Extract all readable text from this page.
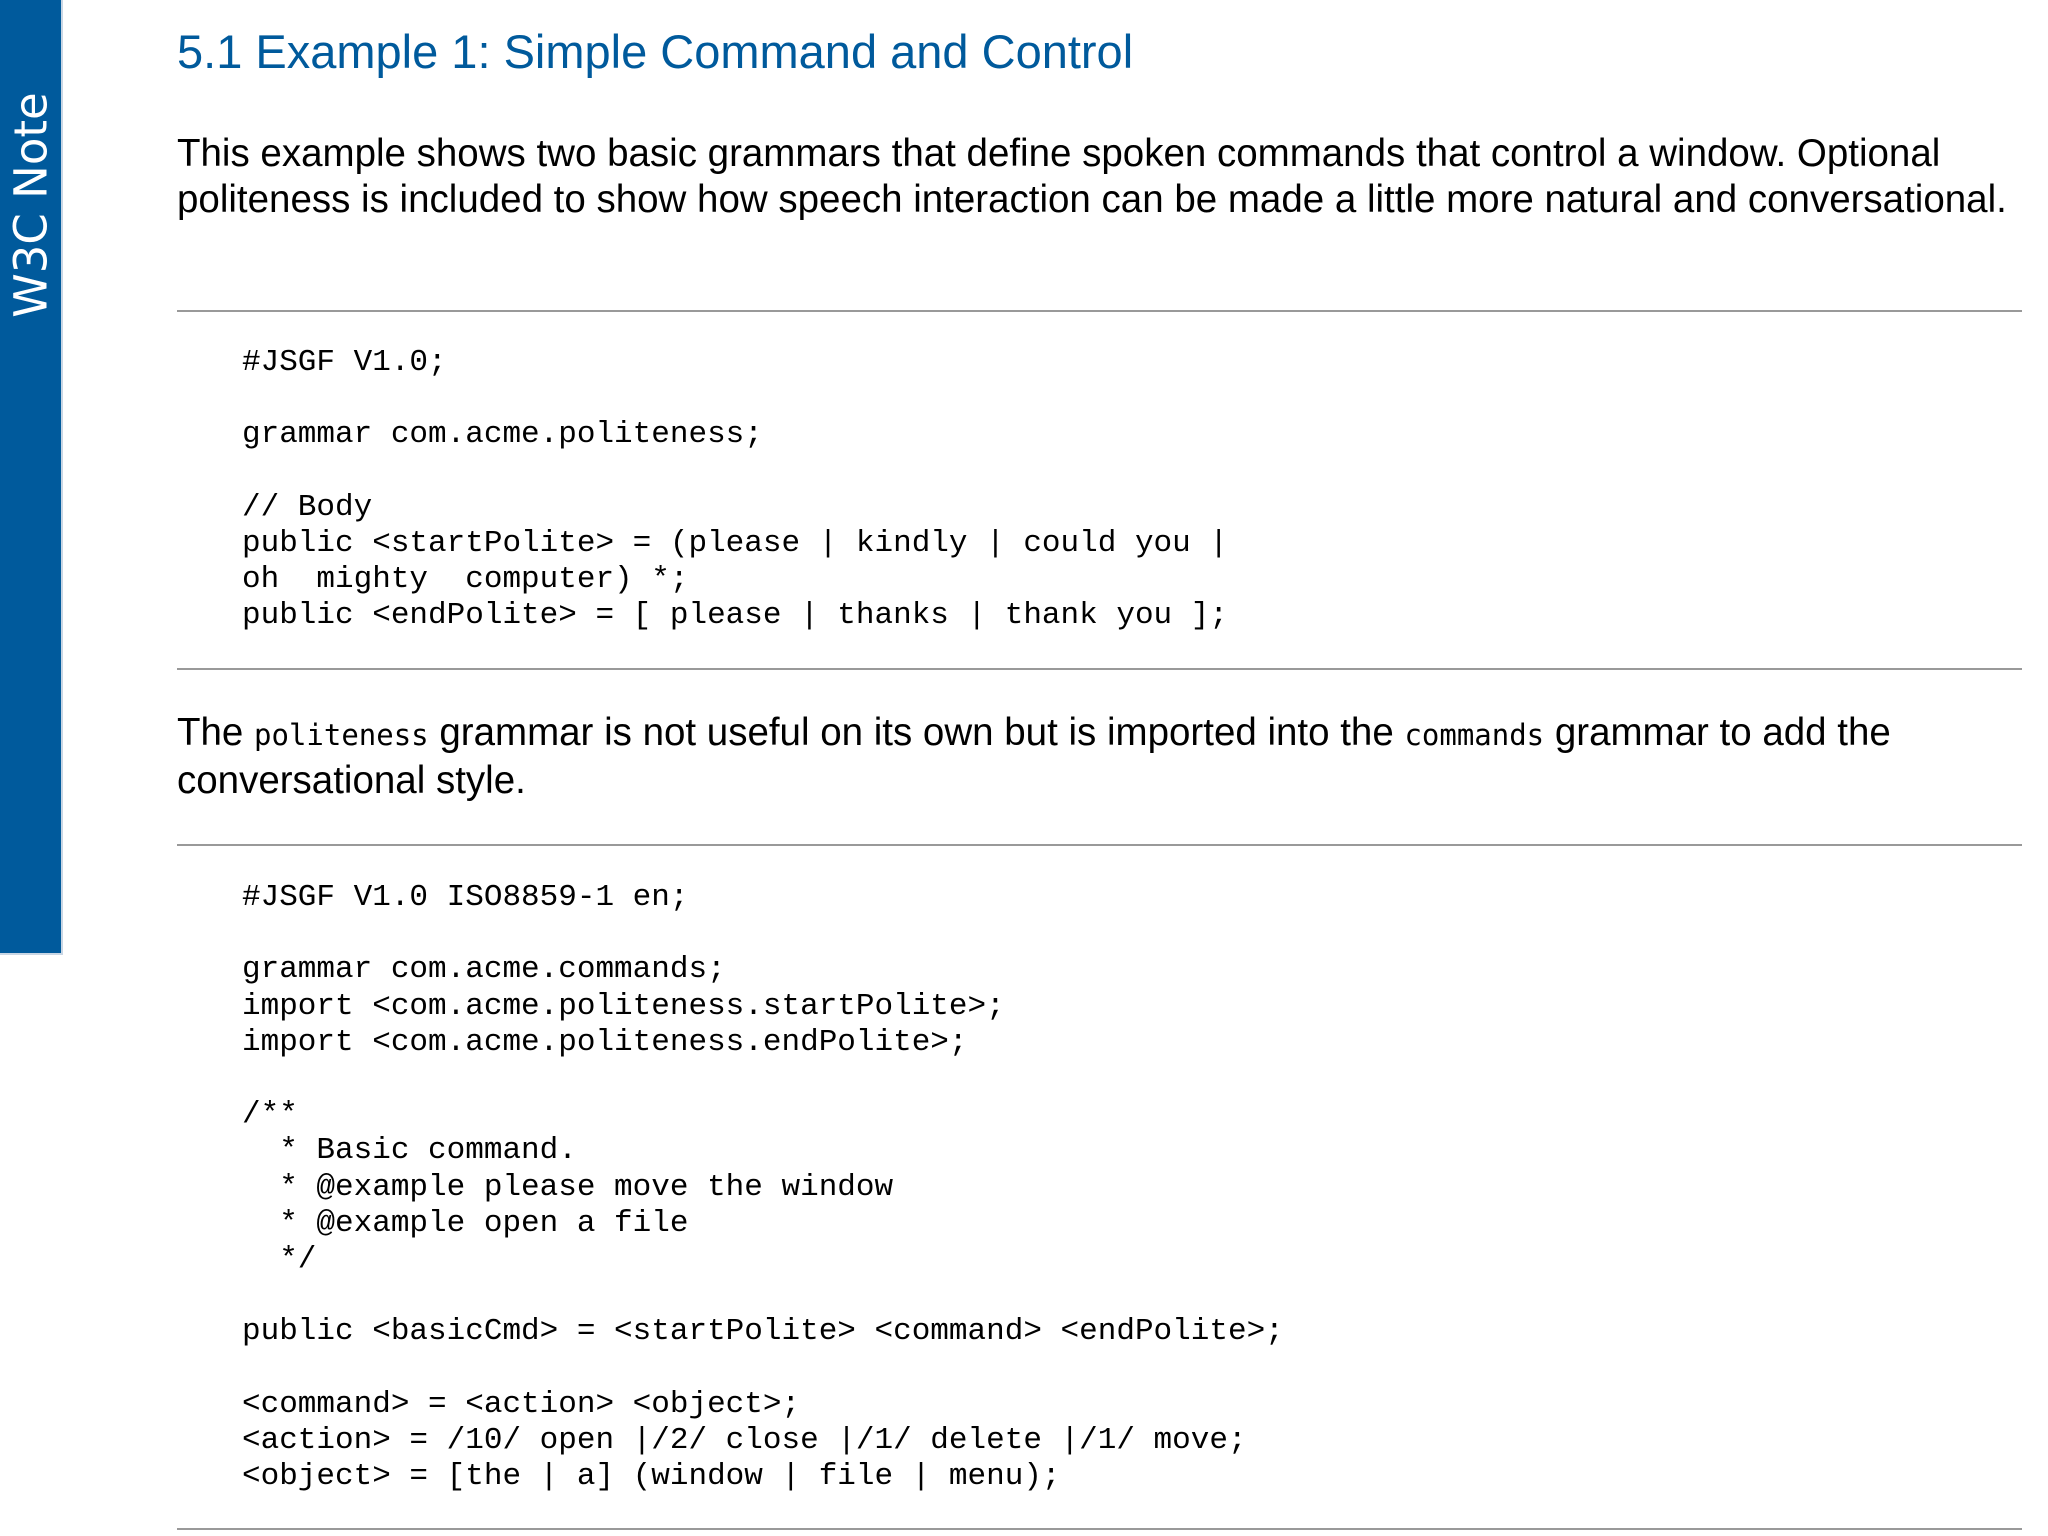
W3C Note
5.1 Example 1: Simple Command and Control

This example shows two basic grammars that define spoken commands that control a window. Optional politeness is included to show how speech interaction can be made a little more natural and conversational.

#JSGF V1.0;

grammar com.acme.politeness;

// Body
public <startPolite> = (please | kindly | could you |
oh  mighty  computer) *;
public <endPolite> = [ please | thanks | thank you ];

The politeness grammar is not useful on its own but is imported into the commands grammar to add the conversational style.

#JSGF V1.0 ISO8859-1 en;

grammar com.acme.commands;
import <com.acme.politeness.startPolite>;
import <com.acme.politeness.endPolite>;

/**
* Basic command.
* @example please move the window
* @example open a file
*/

public <basicCmd> = <startPolite> <command> <endPolite>;

<command> = <action> <object>;
<action> = /10/ open |/2/ close |/1/ delete |/1/ move;
<object> = [the | a] (window | file | menu);
